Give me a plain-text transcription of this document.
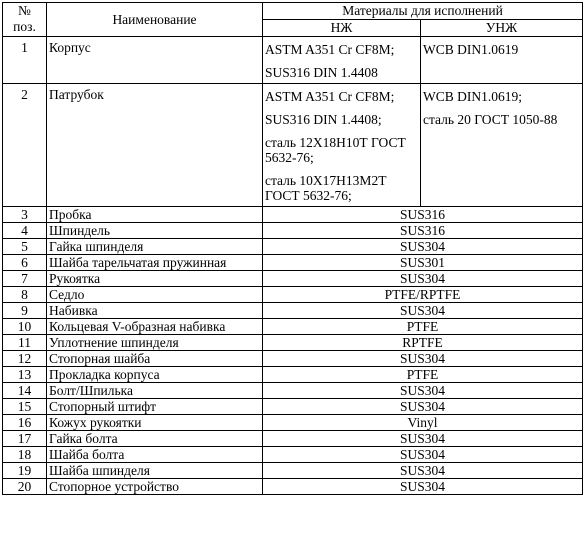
№
поз.	Наименование	Материалы для исполнений	
		НЖ	УНЖ
1	Корпус	ASTM A351 Cr CF8M;
SUS316 DIN 1.4408	WCB DIN1.0619

2	Патрубок	ASTM A351 Cr CF8M;
SUS316 DIN 1.4408;
сталь 12Х18Н10Т ГОСТ 5632-76;
сталь 10Х17Н13М2Т ГОСТ 5632-76;	WCB DIN1.0619;
сталь 20 ГОСТ 1050-88

3	Пробка	SUS316	
4	Шпиндель	SUS316	
5	Гайка шпинделя	SUS304	
6	Шайба тарельчатая пружинная	SUS301	
7	Рукоятка	SUS304	
8	Седло	PTFE/RPTFE	
9	Набивка	SUS304	
10	Кольцевая V-образная набивка	PTFE	
11	Уплотнение шпинделя	RPTFE	
12	Стопорная шайба	SUS304	
13	Прокладка корпуса	PTFE	
14	Болт/Шпилька	SUS304	
15	Стопорный штифт	SUS304	
16	Кожух рукоятки	Vinyl	
17	Гайка болта	SUS304	
18	Шайба болта	SUS304	
19	Шайба шпинделя	SUS304	
20	Стопорное устройство	SUS304	
